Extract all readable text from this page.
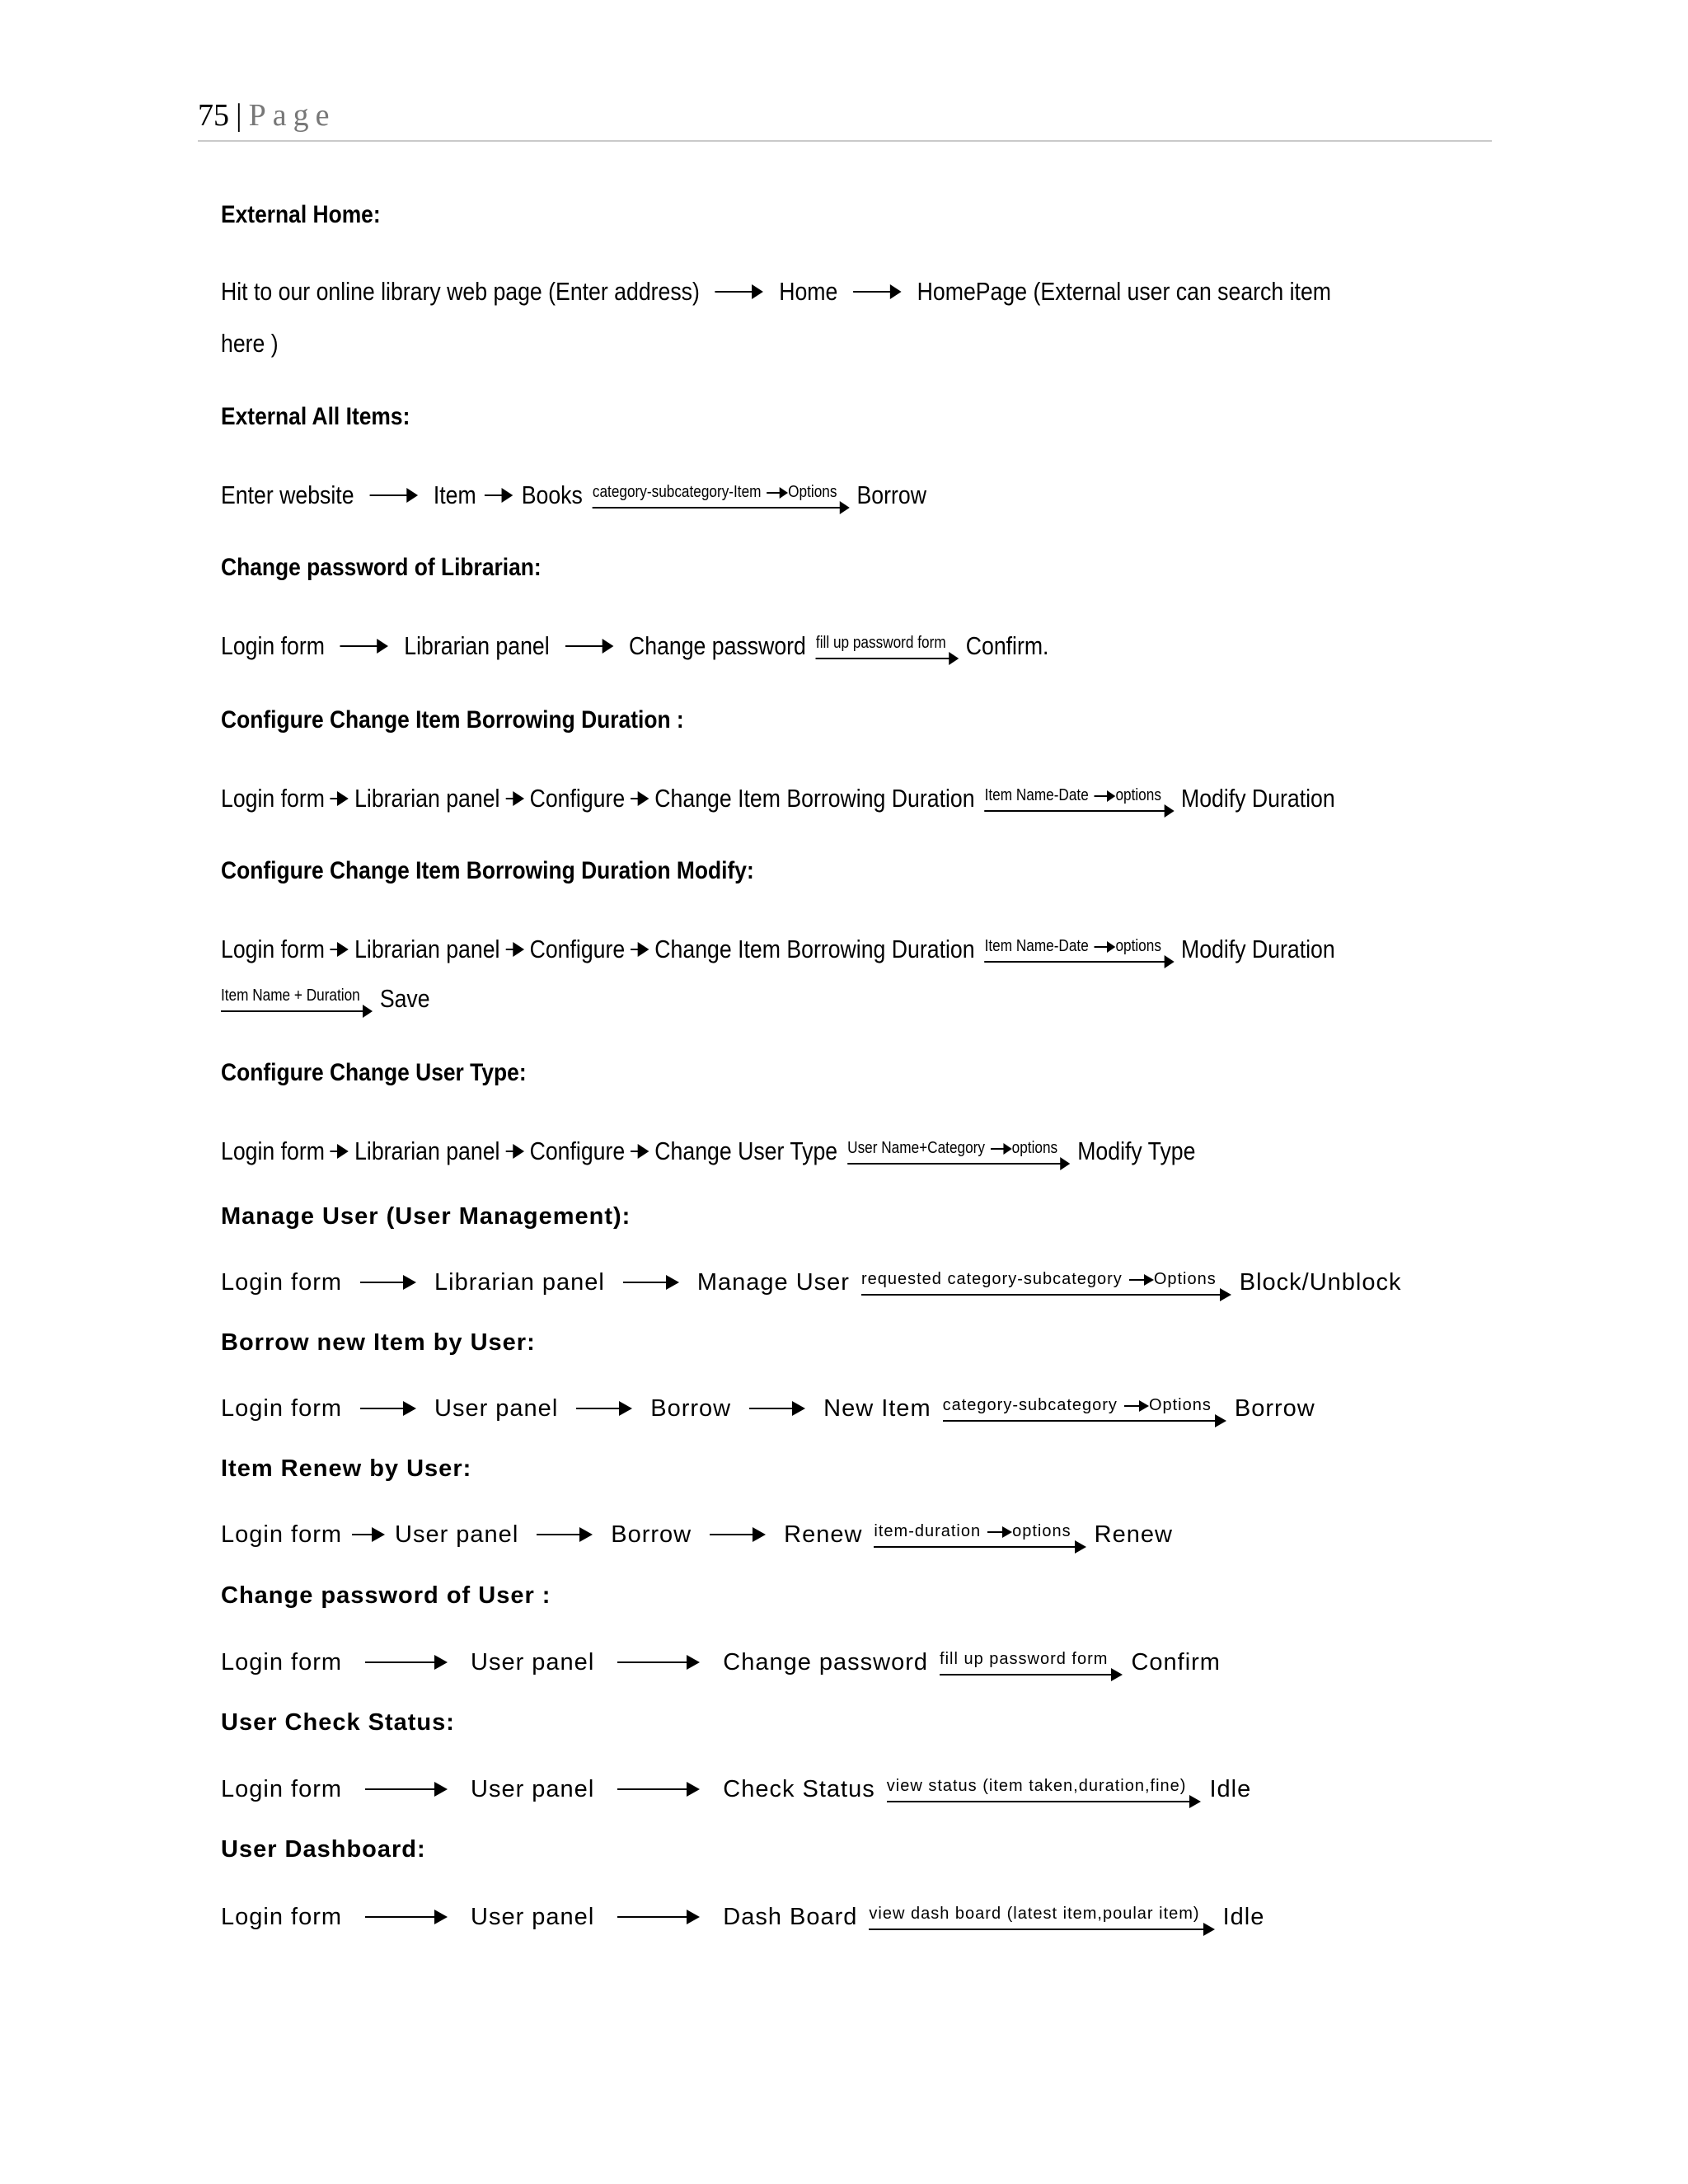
75 | Page
External Home:
Hit to our online library web page (Enter address)	Home	HomePage (External user can search item
here )
External All Items:
Enter website	Item Books category-subcategory-Item Options Borrow
Change password of Librarian:
Login form	Librarian panel	Change password fill up password form Confirm.
Configure Change Item Borrowing Duration :
Login form Librarian panel Configure Change Item Borrowing Duration Item Name-Date options Modify Duration
Configure Change Item Borrowing Duration Modify:
Login form Librarian panel Configure Change Item Borrowing Duration Item Name-Date options Modify Duration
Item Name + Duration Save
Configure Change User Type:
Login form Librarian panel Configure Change User Type User Name+Category options Modify Type
Manage User (User Management):
Login form	Librarian panel	Manage User requested category-subcategory Options Block/Unblock
Borrow new Item by User:
Login form	User panel	Borrow	New Item category-subcategory Options Borrow
Item Renew by User:
Login form User panel	Borrow	Renew item-duration options Renew
Change password of User :
Login form	User panel	Change password fill up password form Confirm
User Check Status:
Login form	User panel	Check Status view status (item taken,duration,fine) Idle
User Dashboard:
Login form	User panel	Dash Board view dash board (latest item,poular item) Idle
